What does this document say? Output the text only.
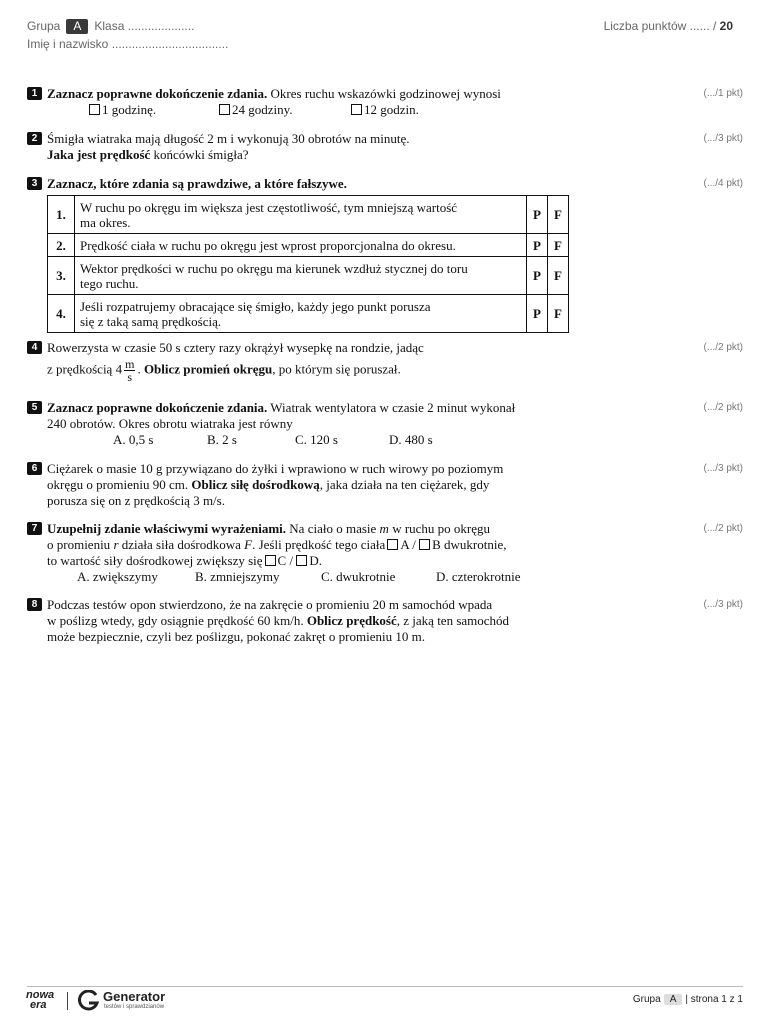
Grupa A Klasa ....................
Imię i nazwisko ...................................
Liczba punktów ...... / 20
1 Zaznacz poprawne dokończenie zdania. Okres ruchu wskazówki godzinowej wynosi
1 godzinę.	24 godziny.	12 godzin.
(.../1 pkt)
2 Śmigła wiatraka mają długość 2 m i wykonują 30 obrotów na minutę.
Jaka jest prędkość końcówki śmigła?
(.../3 pkt)
3 Zaznacz, które zdania są prawdziwe, a które fałszywe.	(.../4 pkt)
1.	W ruchu po okręgu im większa jest częstotliwość, tym mniejszą wartość
ma okres.	P	F
2.	Prędkość ciała w ruchu po okręgu jest wprost proporcjonalna do okresu.	P	F
3.	Wektor prędkości w ruchu po okręgu ma kierunek wzdłuż stycznej do toru
tego ruchu.	P	F
4.	Jeśli rozpatrujemy obracające się śmigło, każdy jego punkt porusza
się z taką samą prędkością.	P	F
4 Rowerzysta w czasie 50 s cztery razy okrążył wysepkę na rondzie, jadąc

z prędkością $4 \frac{m}{s}$ . Oblicz promień okręgu, po którym się poruszał.
(.../2 pkt)
5 Zaznacz poprawne dokończenie zdania. Wiatrak wentylatora w czasie 2 minut wykonał
240 obrotów. Okres obrotu wiatraka jest równy
A. 0,5 s	B. 2 s	C. 120 s	D. 480 s
(.../2 pkt)
6 Ciężarek o masie 10 g przywiązano do żyłki i wprawiono w ruch wirowy po poziomym
okręgu o promieniu 90 cm. Oblicz siłę dośrodkową, jaka działa na ten ciężarek, gdy
porusza się on z prędkością 3 m/s.
(.../3 pkt)
7 Uzupełnij zdanie właściwymi wyrażeniami. Na ciało o masie m w ruchu po okręgu
o promieniu r działa siła dośrodkowa F. Jeśli prędkość tego ciała A / B dwukrotnie,
to wartość siły dośrodkowej zwiększy się C / D.
A. zwiększymy	B. zmniejszymy	C. dwukrotnie	D. czterokrotnie
(.../2 pkt)
8 Podczas testów opon stwierdzono, że na zakręcie o promieniu 20 m samochód wpada
w poślizg wtedy, gdy osiągnie prędkość 60 km/h. Oblicz prędkość, z jaką ten samochód
może bezpiecznie, czyli bez poślizgu, pokonać zakręt o promieniu 10 m.
(.../3 pkt)
nowa
era
Generator
testów i sprawdzianów
Grupa A | strona 1 z 1
